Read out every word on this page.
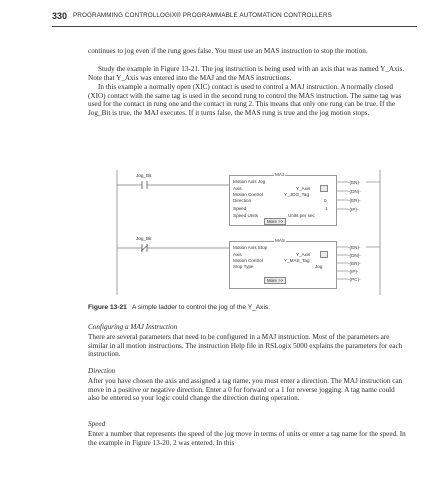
330 PROGRAMMING CONTROLLOGIX® PROGRAMMABLE AUTOMATION CONTROLLERS

continues to jog even if the rung goes false. You must use an MAS instruction to stop the motion.

Study the example in Figure 13-21. The jog instruction is being used with an axis that was named Y_Axis. Note that Y_Axis was entered into the MAJ and the MAS instructions.

In this example a normally open (XIC) contact is used to control a MAJ instruction. A normally closed (XIO) contact with the same tag is used in the second rung to control the MAS instruction. The same tag was used for the contact in rung one and the contact in rung 2. This means that only one rung can be true. If the Jog_Bit is true, the MAJ executes. If it turns false, the MAS rung is true and the jog motion stops.

Jog_Bit	MAJ
Motion Axis Jog
Axis	Y_Axis
Motion Control	Y_JOG_Tag
Direction	0
Speed	1
Speed Units	Units per sec
More >>
-(EN)-
-(DN)-
-(ER)-
-(IP)-
Jog_Bit	MAS
Motion Axis Stop
Axis	Y_Axis
Motion Control	Y_MAS_Tag
Stop Type	Jog
More >>
-(EN)-
-(DN)-
-(ER)-
-(IP)-
-(PC)-
Figure 13-21 A simple ladder to control the jog of the Y_Axis.
Configuring a MAJ Instruction

There are several parameters that need to be configured in a MAJ instruction. Most of the parameters are similar in all motion instructions. The instruction Help file in RSLogix 5000 explains the parameters for each instruction.

Direction

After you have chosen the axis and assigned a tag name, you must enter a direction. The MAJ instruction can move in a positive or negative direction. Enter a 0 for forward or a 1 for reverse jogging. A tag name could also be entered so your logic could change the direction during operation.

Speed

Enter a number that represents the speed of the jog move in terms of units or enter a tag name for the speed. In the example in Figure 13-20, 2 was entered. In this
